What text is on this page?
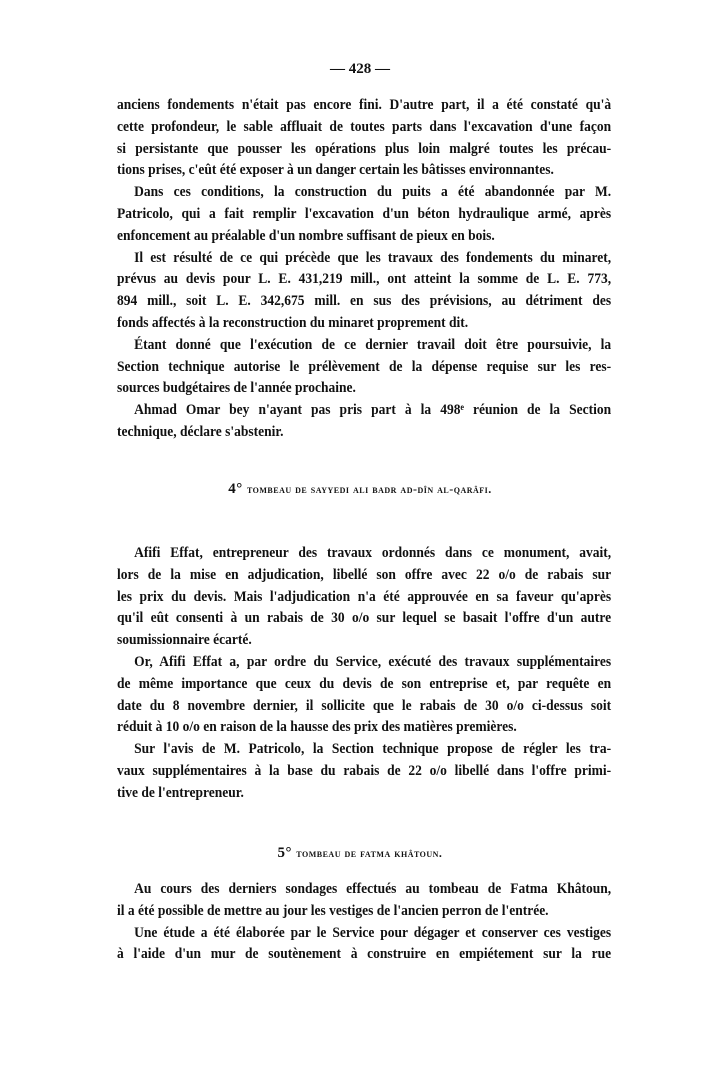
— 428 —
anciens fondements n'était pas encore fini. D'autre part, il a été constaté qu'à
cette profondeur, le sable affluait de toutes parts dans l'excavation d'une façon
si persistante que pousser les opérations plus loin malgré toutes les précau-
tions prises, c'eût été exposer à un danger certain les bâtisses environnantes.
Dans ces conditions, la construction du puits a été abandonnée par M.
Patricolo, qui a fait remplir l'excavation d'un béton hydraulique armé, après
enfoncement au préalable d'un nombre suffisant de pieux en bois.
Il est résulté de ce qui précède que les travaux des fondements du minaret,
prévus au devis pour L. E. 431,219 mill., ont atteint la somme de L. E. 773,
894 mill., soit L. E. 342,675 mill. en sus des prévisions, au détriment des
fonds affectés à la reconstruction du minaret proprement dit.
Étant donné que l'exécution de ce dernier travail doit être poursuivie, la
Section technique autorise le prélèvement de la dépense requise sur les res-
sources budgétaires de l'année prochaine.
Ahmad Omar bey n'ayant pas pris part à la 498ᵉ réunion de la Section
technique, déclare s'abstenir.
4° tombeau de sayyedi ali badr ad-dîn al-qarâfi.
Afifi Effat, entrepreneur des travaux ordonnés dans ce monument, avait,
lors de la mise en adjudication, libellé son offre avec 22 o/o de rabais sur
les prix du devis. Mais l'adjudication n'a été approuvée en sa faveur qu'après
qu'il eût consenti à un rabais de 30 o/o sur lequel se basait l'offre d'un autre
soumissionnaire écarté.
Or, Afifi Effat a, par ordre du Service, exécuté des travaux supplémentaires
de même importance que ceux du devis de son entreprise et, par requête en
date du 8 novembre dernier, il sollicite que le rabais de 30 o/o ci-dessus soit
réduit à 10 o/o en raison de la hausse des prix des matières premières.
Sur l'avis de M. Patricolo, la Section technique propose de régler les tra-
vaux supplémentaires à la base du rabais de 22 o/o libellé dans l'offre primi-
tive de l'entrepreneur.
5° tombeau de fatma khâtoun.
Au cours des derniers sondages effectués au tombeau de Fatma Khâtoun,
il a été possible de mettre au jour les vestiges de l'ancien perron de l'entrée.
Une étude a été élaborée par le Service pour dégager et conserver ces vestiges
à l'aide d'un mur de soutènement à construire en empiétement sur la rue
